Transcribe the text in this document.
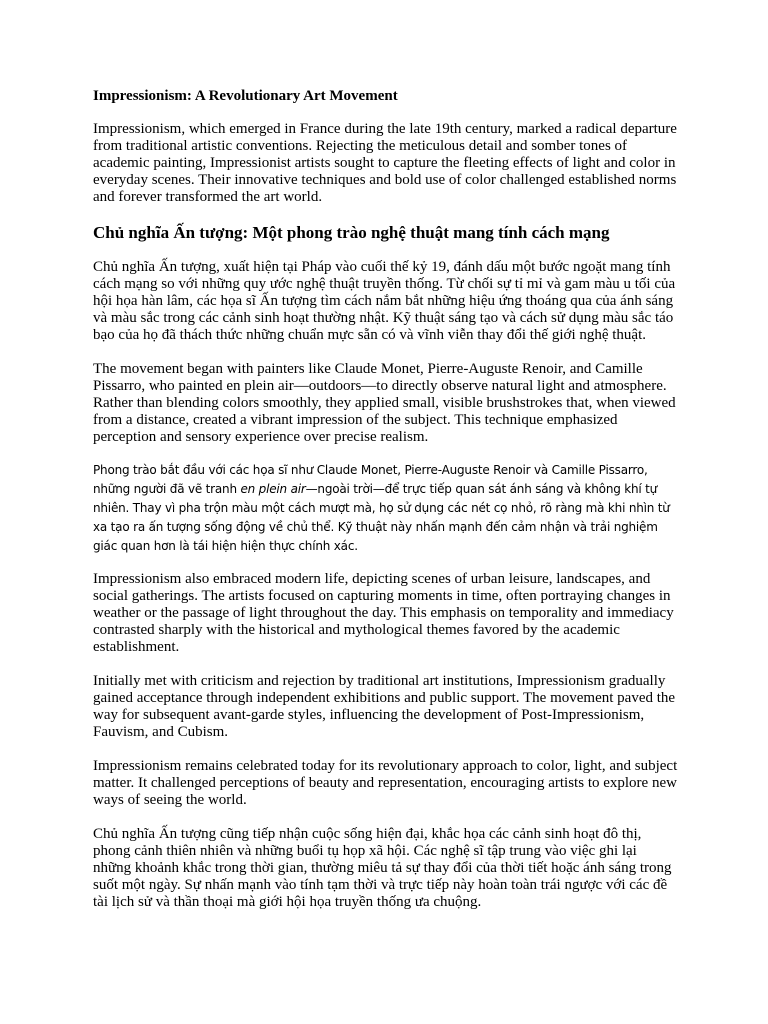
Impressionism: A Revolutionary Art Movement

Impressionism, which emerged in France during the late 19th century, marked a radical departure from traditional artistic conventions. Rejecting the meticulous detail and somber tones of academic painting, Impressionist artists sought to capture the fleeting effects of light and color in everyday scenes. Their innovative techniques and bold use of color challenged established norms and forever transformed the art world.

Chủ nghĩa Ấn tượng: Một phong trào nghệ thuật mang tính cách mạng

Chủ nghĩa Ấn tượng, xuất hiện tại Pháp vào cuối thế kỷ 19, đánh dấu một bước ngoặt mang tính cách mạng so với những quy ước nghệ thuật truyền thống. Từ chối sự tỉ mỉ và gam màu u tối của hội họa hàn lâm, các họa sĩ Ấn tượng tìm cách nắm bắt những hiệu ứng thoáng qua của ánh sáng và màu sắc trong các cảnh sinh hoạt thường nhật. Kỹ thuật sáng tạo và cách sử dụng màu sắc táo bạo của họ đã thách thức những chuẩn mực sẵn có và vĩnh viễn thay đổi thế giới nghệ thuật.

The movement began with painters like Claude Monet, Pierre-Auguste Renoir, and Camille Pissarro, who painted en plein air—outdoors—to directly observe natural light and atmosphere. Rather than blending colors smoothly, they applied small, visible brushstrokes that, when viewed from a distance, created a vibrant impression of the subject. This technique emphasized perception and sensory experience over precise realism.

Phong trào bắt đầu với các họa sĩ như Claude Monet, Pierre-Auguste Renoir và Camille Pissarro, những người đã vẽ tranh en plein air—ngoài trời—để trực tiếp quan sát ánh sáng và không khí tự nhiên. Thay vì pha trộn màu một cách mượt mà, họ sử dụng các nét cọ nhỏ, rõ ràng mà khi nhìn từ xa tạo ra ấn tượng sống động về chủ thể. Kỹ thuật này nhấn mạnh đến cảm nhận và trải nghiệm giác quan hơn là tái hiện hiện thực chính xác.

Impressionism also embraced modern life, depicting scenes of urban leisure, landscapes, and social gatherings. The artists focused on capturing moments in time, often portraying changes in weather or the passage of light throughout the day. This emphasis on temporality and immediacy contrasted sharply with the historical and mythological themes favored by the academic establishment.

Initially met with criticism and rejection by traditional art institutions, Impressionism gradually gained acceptance through independent exhibitions and public support. The movement paved the way for subsequent avant-garde styles, influencing the development of Post-Impressionism, Fauvism, and Cubism.

Impressionism remains celebrated today for its revolutionary approach to color, light, and subject matter. It challenged perceptions of beauty and representation, encouraging artists to explore new ways of seeing the world.

Chủ nghĩa Ấn tượng cũng tiếp nhận cuộc sống hiện đại, khắc họa các cảnh sinh hoạt đô thị, phong cảnh thiên nhiên và những buổi tụ họp xã hội. Các nghệ sĩ tập trung vào việc ghi lại những khoảnh khắc trong thời gian, thường miêu tả sự thay đổi của thời tiết hoặc ánh sáng trong suốt một ngày. Sự nhấn mạnh vào tính tạm thời và trực tiếp này hoàn toàn trái ngược với các đề tài lịch sử và thần thoại mà giới hội họa truyền thống ưa chuộng.
